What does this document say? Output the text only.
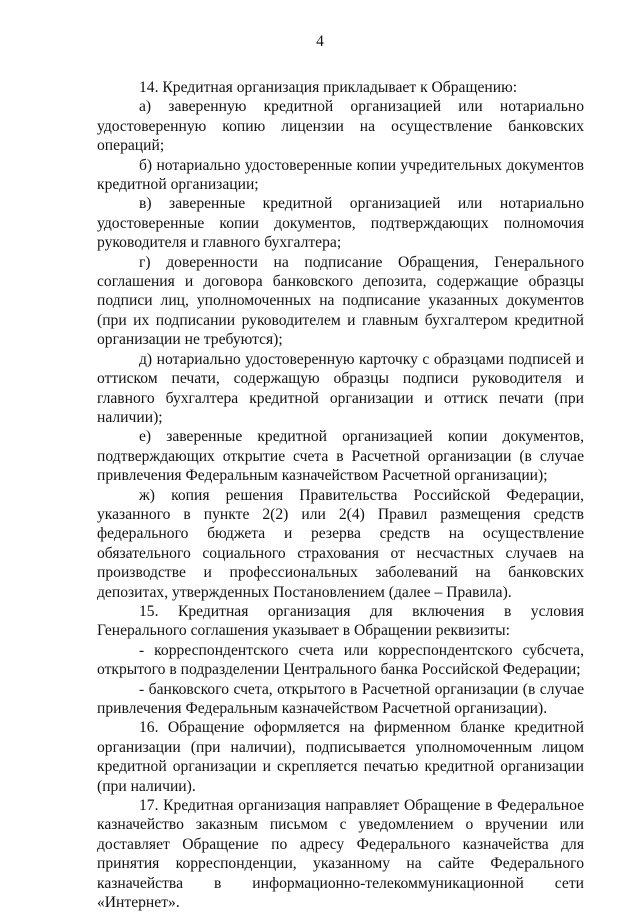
4

14. Кредитная организация прикладывает к Обращению:

а) заверенную кредитной организацией или нотариально удостоверенную копию лицензии на осуществление банковских операций;

б) нотариально удостоверенные копии учредительных документов кредитной организации;

в) заверенные кредитной организацией или нотариально удостоверенные копии документов, подтверждающих полномочия руководителя и главного бухгалтера;

г) доверенности на подписание Обращения, Генерального соглашения и договора банковского депозита, содержащие образцы подписи лиц, уполномоченных на подписание указанных документов (при их подписании руководителем и главным бухгалтером кредитной организации не требуются);

д) нотариально удостоверенную карточку с образцами подписей и оттиском печати, содержащую образцы подписи руководителя и главного бухгалтера кредитной организации и оттиск печати (при наличии);

е) заверенные кредитной организацией копии документов, подтверждающих открытие счета в Расчетной организации (в случае привлечения Федеральным казначейством Расчетной организации);

ж) копия решения Правительства Российской Федерации, указанного в пункте 2(2) или 2(4) Правил размещения средств федерального бюджета и резерва средств на осуществление обязательного социального страхования от несчастных случаев на производстве и профессиональных заболеваний на банковских депозитах, утвержденных Постановлением (далее – Правила).

15. Кредитная организация для включения в условия Генерального соглашения указывает в Обращении реквизиты:

- корреспондентского счета или корреспондентского субсчета, открытого в подразделении Центрального банка Российской Федерации;

- банковского счета, открытого в Расчетной организации (в случае привлечения Федеральным казначейством Расчетной организации).

16. Обращение оформляется на фирменном бланке кредитной организации (при наличии), подписывается уполномоченным лицом кредитной организации и скрепляется печатью кредитной организации (при наличии).

17. Кредитная организация направляет Обращение в Федеральное казначейство заказным письмом с уведомлением о вручении или доставляет Обращение по адресу Федерального казначейства для принятия корреспонденции, указанному на сайте Федерального казначейства в информационно-телекоммуникационной сети «Интернет».
